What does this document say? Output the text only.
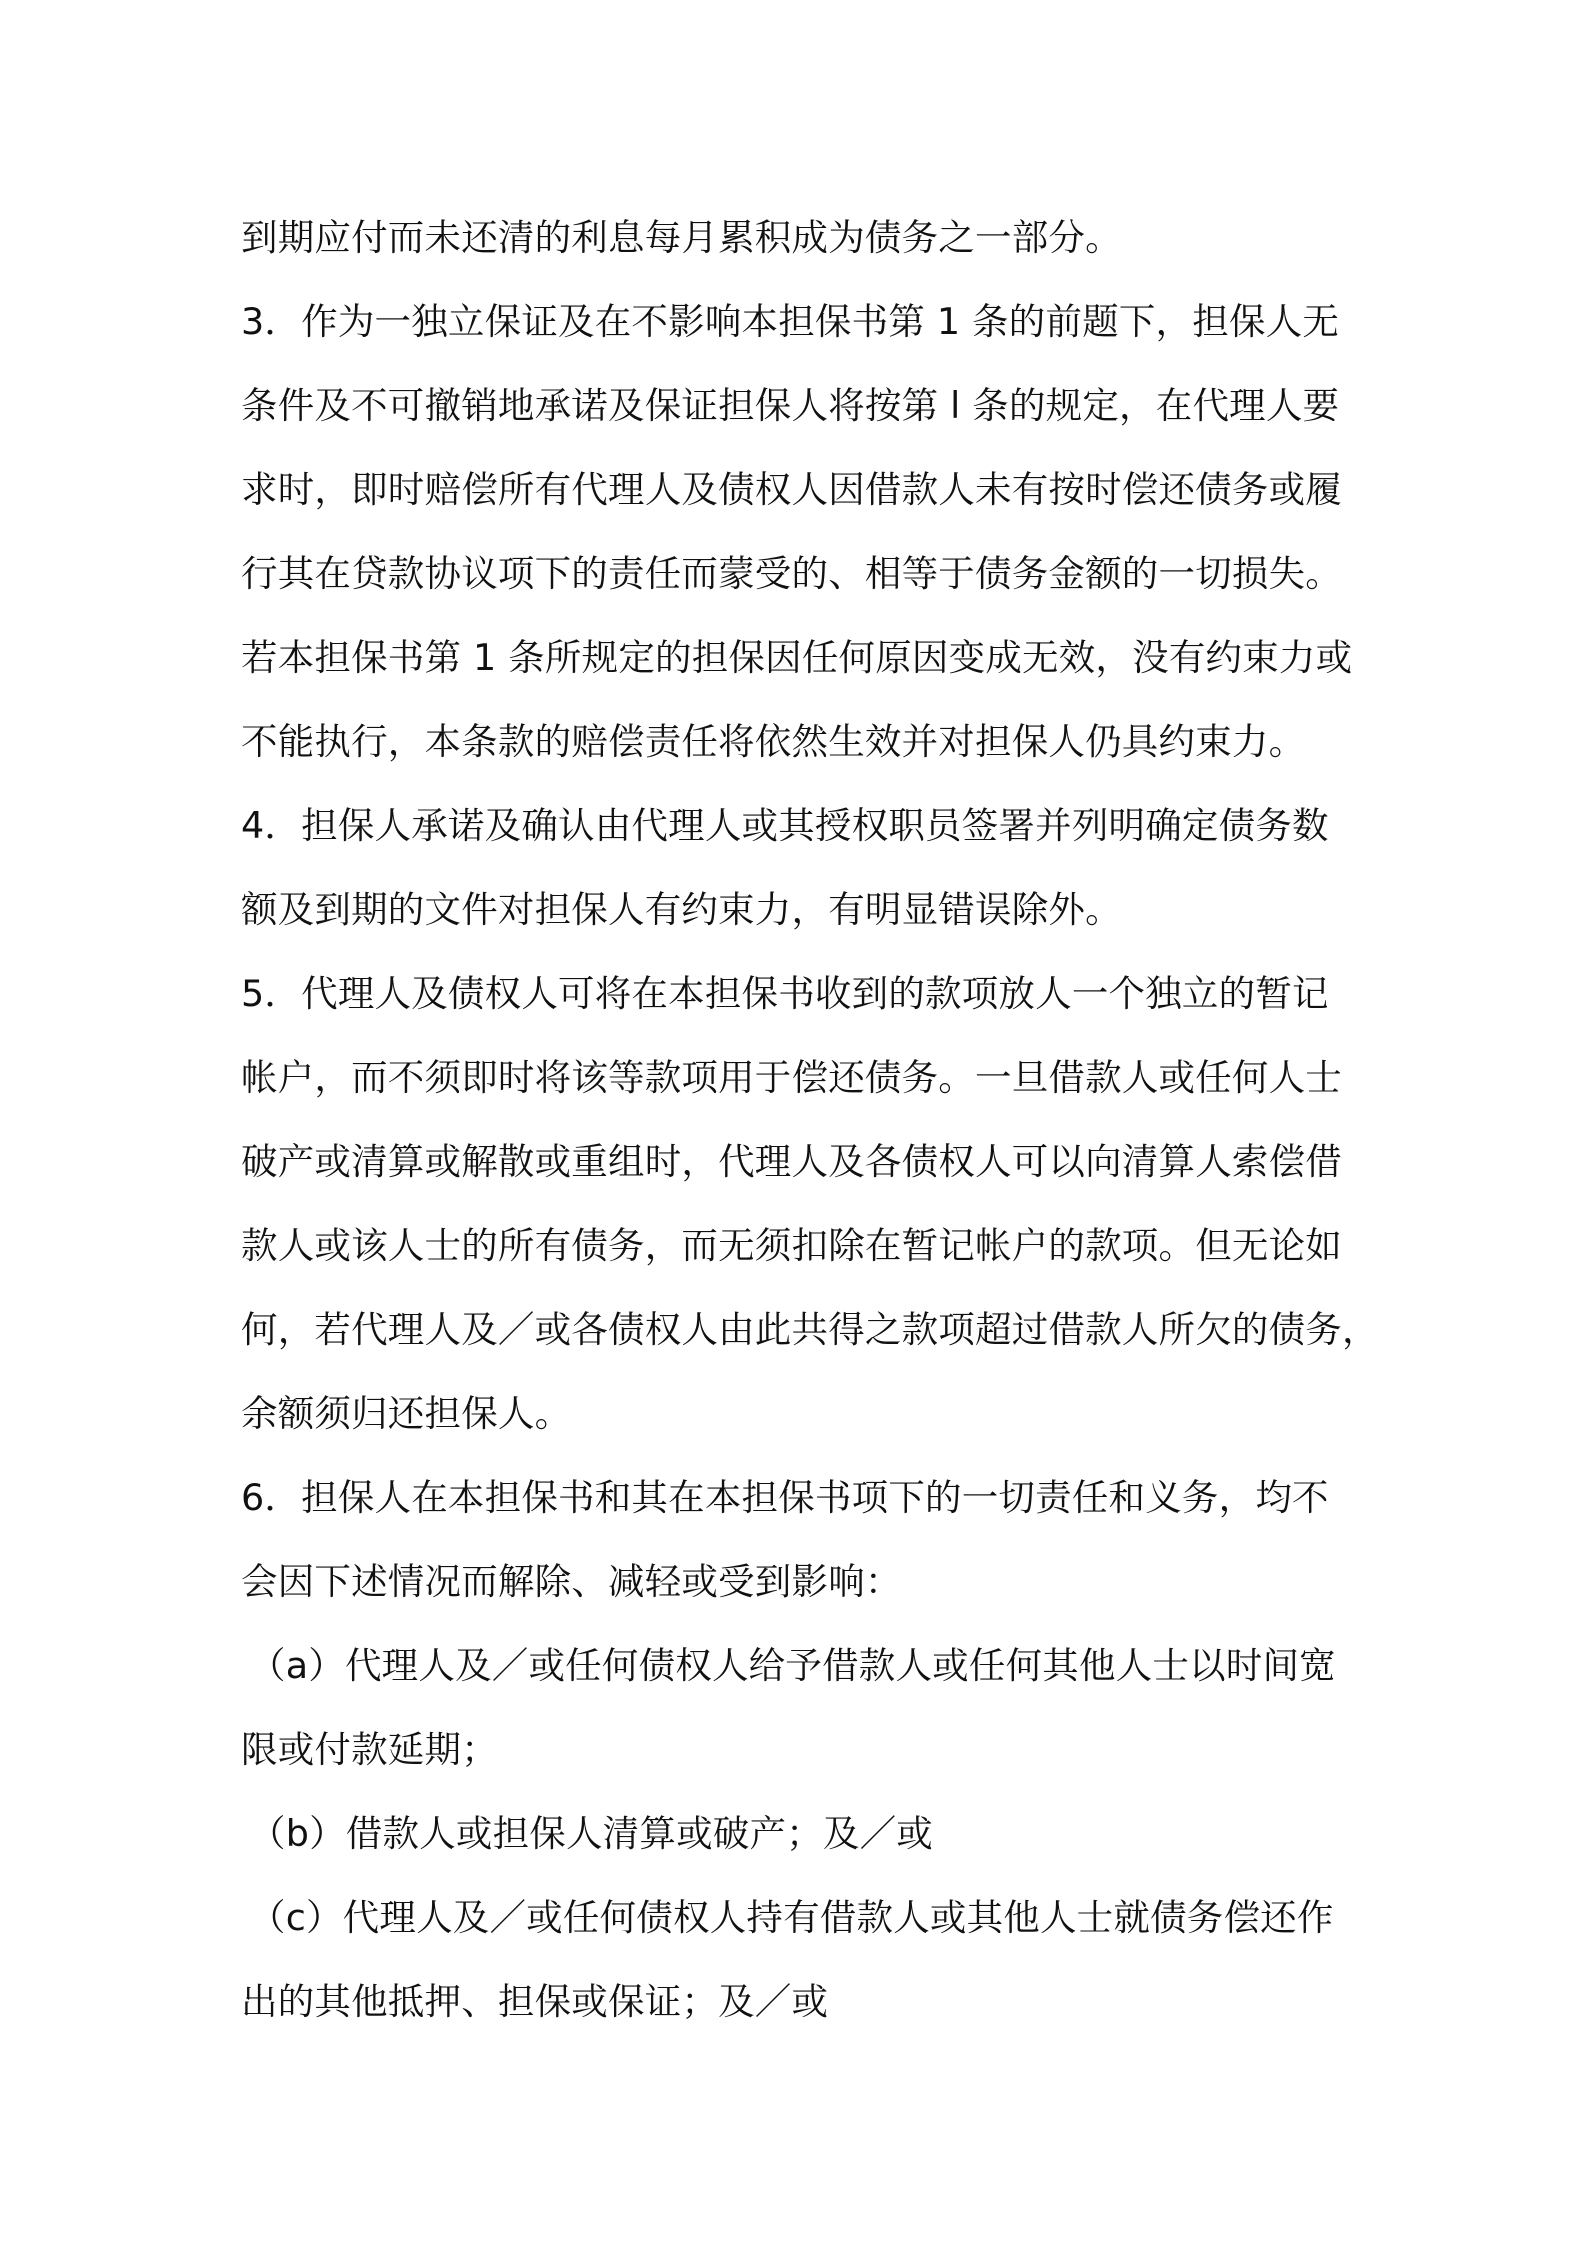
到期应付而未还清的利息每月累积成为债务之一部分。
3．作为一独立保证及在不影响本担保书第 1 条的前题下，担保人无
条件及不可撤销地承诺及保证担保人将按第 l 条的规定，在代理人要
求时，即时赔偿所有代理人及债权人因借款人未有按时偿还债务或履
行其在贷款协议项下的责任而蒙受的、相等于债务金额的一切损失。
若本担保书第 1 条所规定的担保因任何原因变成无效，没有约束力或
不能执行，本条款的赔偿责任将依然生效并对担保人仍具约束力。
4．担保人承诺及确认由代理人或其授权职员签署并列明确定债务数
额及到期的文件对担保人有约束力，有明显错误除外。
5．代理人及债权人可将在本担保书收到的款项放人一个独立的暂记
帐户，而不须即时将该等款项用于偿还债务。一旦借款人或任何人士
破产或清算或解散或重组时，代理人及各债权人可以向清算人索偿借
款人或该人士的所有债务，而无须扣除在暂记帐户的款项。但无论如
何，若代理人及／或各债权人由此共得之款项超过借款人所欠的债务，
余额须归还担保人。
6．担保人在本担保书和其在本担保书项下的一切责任和义务，均不
会因下述情况而解除、减轻或受到影响：
（a）代理人及／或任何债权人给予借款人或任何其他人士以时间宽
限或付款延期；
（b）借款人或担保人清算或破产；及／或
（c）代理人及／或任何债权人持有借款人或其他人士就债务偿还作
出的其他抵押、担保或保证；及／或
